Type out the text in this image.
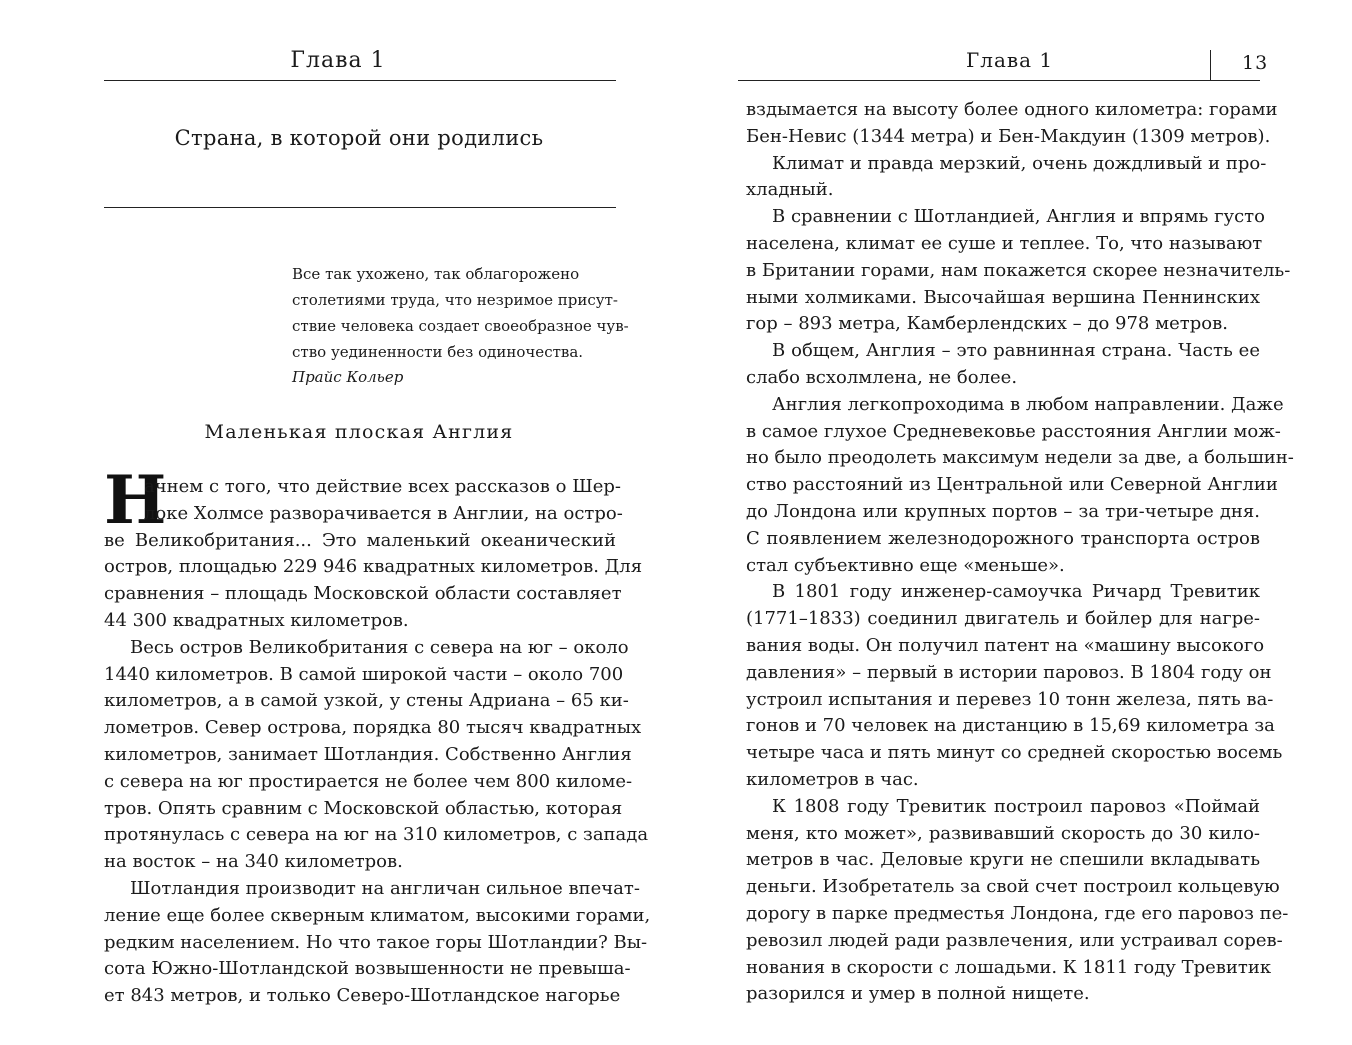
Глава 1
Страна, в которой они родились
Все так ухожено, так облагорожено
столетиями труда, что незримое присут-
ствие человека создает своеобразное чув-
ство уединенности без одиночества.
Прайс Кольер
Маленькая плоская Англия
Н
ачнем с того, что действие всех рассказов о Шер-
локе Холмсе разворачивается в Англии, на остро-
ве Великобритания... Это маленький океанический
остров, площадью 229 946 квадратных километров. Для
сравнения – площадь Московской области составляет
44 300 квадратных километров.
Весь остров Великобритания с севера на юг – около
1440 километров. В самой широкой части – около 700
километров, а в самой узкой, у стены Адриана – 65 ки-
лометров. Север острова, порядка 80 тысяч квадратных
километров, занимает Шотландия. Собственно Англия
с севера на юг простирается не более чем 800 киломе-
тров. Опять сравним с Московской областью, которая
протянулась с севера на юг на 310 километров, с запада
на восток – на 340 километров.
Шотландия производит на англичан сильное впечат-
ление еще более скверным климатом, высокими горами,
редким населением. Но что такое горы Шотландии? Вы-
сота Южно-Шотландской возвышенности не превыша-
ет 843 метров, и только Северо-Шотландское нагорье
Глава 1	13
вздымается на высоту более одного километра: горами
Бен-Невис (1344 метра) и Бен-Макдуин (1309 метров).
Климат и правда мерзкий, очень дождливый и про-
хладный.
В сравнении с Шотландией, Англия и впрямь густо
населена, климат ее суше и теплее. То, что называют
в Британии горами, нам покажется скорее незначитель-
ными холмиками. Высочайшая вершина Пеннинских
гор – 893 метра, Камберлендских – до 978 метров.
В общем, Англия – это равнинная страна. Часть ее
слабо всхолмлена, не более.
Англия легкопроходима в любом направлении. Даже
в самое глухое Средневековье расстояния Англии мож-
но было преодолеть максимум недели за две, а большин-
ство расстояний из Центральной или Северной Англии
до Лондона или крупных портов – за три-четыре дня.
С появлением железнодорожного транспорта остров
стал субъективно еще «меньше».
В 1801 году инженер-самоучка Ричард Тревитик
(1771–1833) соединил двигатель и бойлер для нагре-
вания воды. Он получил патент на «машину высокого
давления» – первый в истории паровоз. В 1804 году он
устроил испытания и перевез 10 тонн железа, пять ва-
гонов и 70 человек на дистанцию в 15,69 километра за
четыре часа и пять минут со средней скоростью восемь
километров в час.
К 1808 году Тревитик построил паровоз «Поймай
меня, кто может», развивавший скорость до 30 кило-
метров в час. Деловые круги не спешили вкладывать
деньги. Изобретатель за свой счет построил кольцевую
дорогу в парке предместья Лондона, где его паровоз пе-
ревозил людей ради развлечения, или устраивал сорев-
нования в скорости с лошадьми. К 1811 году Тревитик
разорился и умер в полной нищете.
